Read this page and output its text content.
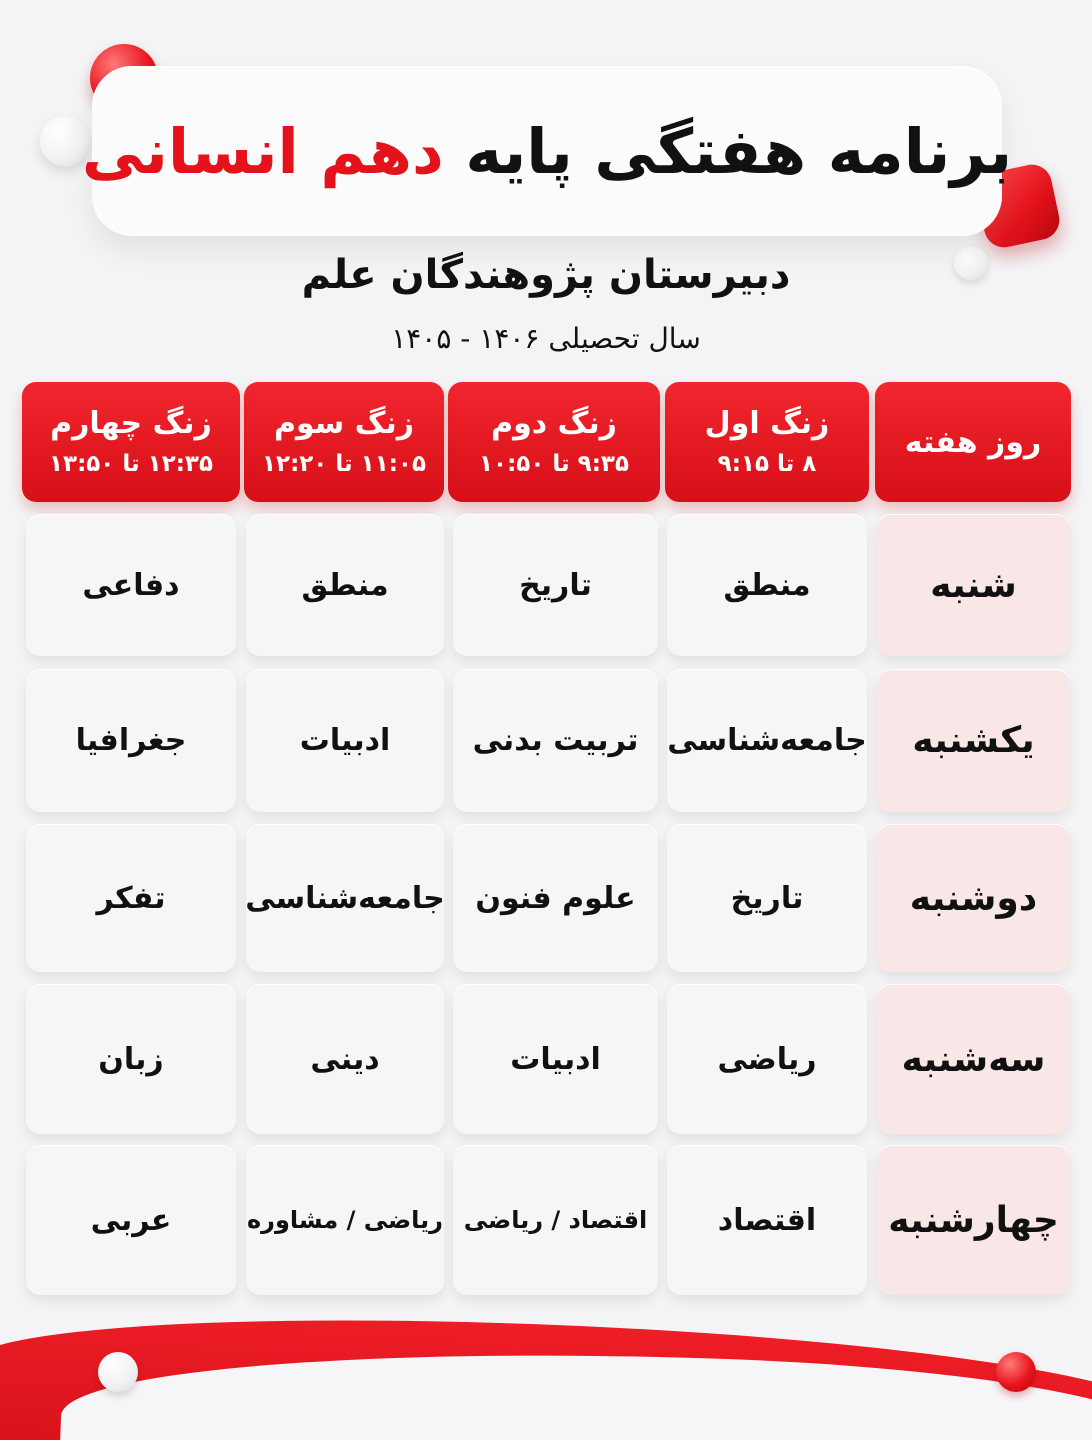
برنامه هفتگی پایه دهم انسانی
دبیرستان پژوهندگان علم
سال تحصیلی ۱۴۰۶ - ۱۴۰۵
روز هفته
زنگ اول
۸ تا ۹:۱۵
زنگ دوم
۹:۳۵ تا ۱۰:۵۰
زنگ سوم
۱۱:۰۵ تا ۱۲:۲۰
زنگ چهارم
۱۲:۳۵ تا ۱۳:۵۰
شنبه
منطق
تاریخ
منطق
دفاعی
یکشنبه
جامعه‌شناسی
تربیت بدنی
ادبیات
جغرافیا
دوشنبه
تاریخ
علوم فنون
جامعه‌شناسی
تفکر
سه‌شنبه
ریاضی
ادبیات
دینی
زبان
چهارشنبه
اقتصاد
اقتصاد / ریاضی
ریاضی / مشاوره
عربی
